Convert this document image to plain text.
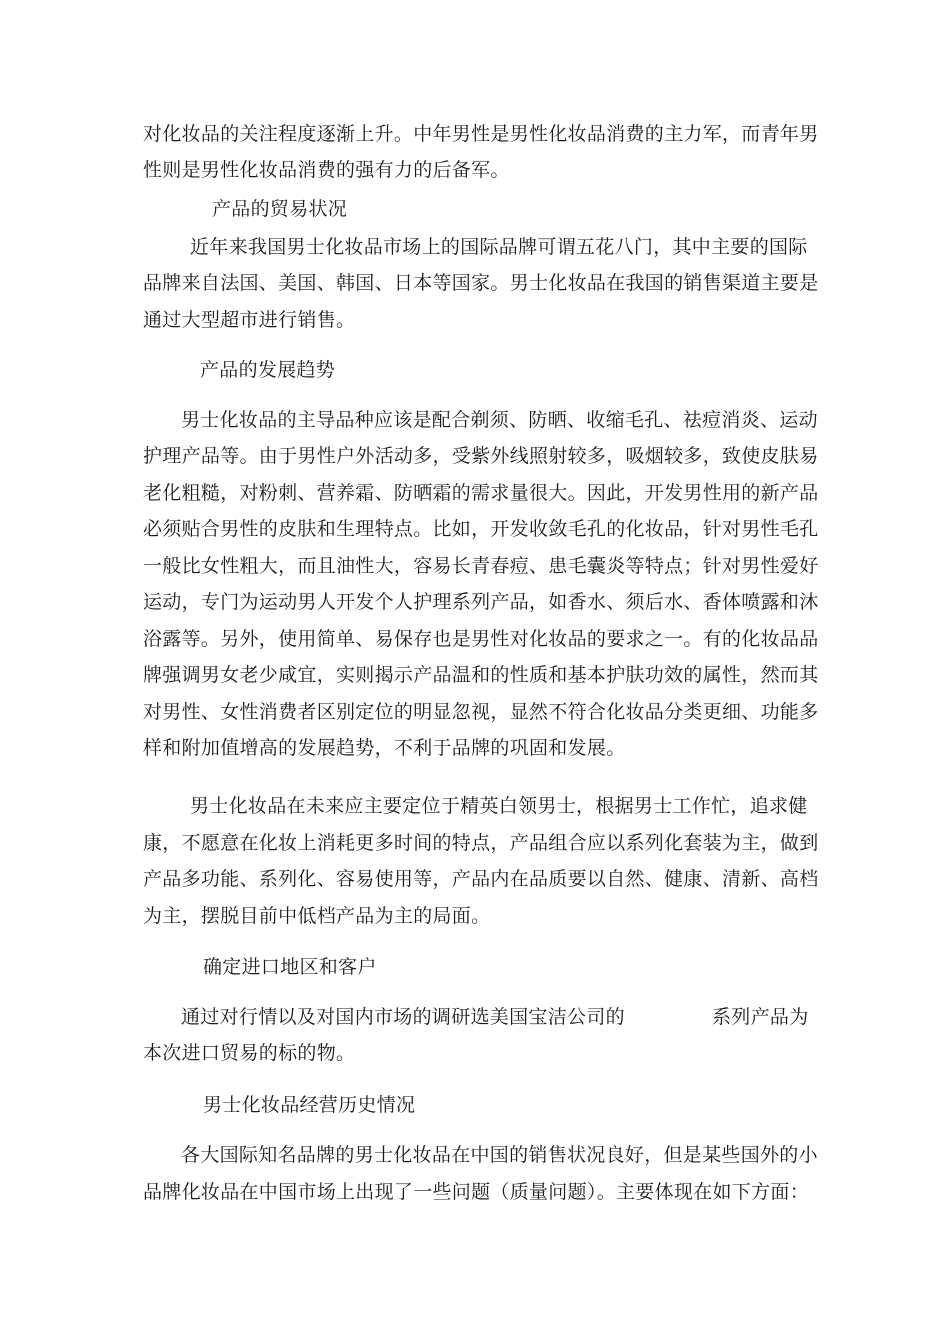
对化妆品的关注程度逐渐上升。中年男性是男性化妆品消费的主力军，而青年男
性则是男性化妆品消费的强有力的后备军。
产品的贸易状况
近年来我国男士化妆品市场上的国际品牌可谓五花八门，其中主要的国际
品牌来自法国、美国、韩国、日本等国家。男士化妆品在我国的销售渠道主要是
通过大型超市进行销售。
产品的发展趋势
男士化妆品的主导品种应该是配合剃须、防晒、收缩毛孔、祛痘消炎、运动
护理产品等。由于男性户外活动多，受紫外线照射较多，吸烟较多，致使皮肤易
老化粗糙，对粉刺、营养霜、防晒霜的需求量很大。因此，开发男性用的新产品
必须贴合男性的皮肤和生理特点。比如，开发收敛毛孔的化妆品，针对男性毛孔
一般比女性粗大，而且油性大，容易长青春痘、患毛囊炎等特点；针对男性爱好
运动，专门为运动男人开发个人护理系列产品，如香水、须后水、香体喷露和沐
浴露等。另外，使用简单、易保存也是男性对化妆品的要求之一。有的化妆品品
牌强调男女老少咸宜，实则揭示产品温和的性质和基本护肤功效的属性，然而其
对男性、女性消费者区别定位的明显忽视，显然不符合化妆品分类更细、功能多
样和附加值增高的发展趋势，不利于品牌的巩固和发展。
男士化妆品在未来应主要定位于精英白领男士，根据男士工作忙，追求健
康，不愿意在化妆上消耗更多时间的特点，产品组合应以系列化套装为主，做到
产品多功能、系列化、容易使用等，产品内在品质要以自然、健康、清新、高档
为主，摆脱目前中低档产品为主的局面。
确定进口地区和客户
通过对行情以及对国内市场的调研选美国宝洁公司的	系列产品为
本次进口贸易的标的物。
男士化妆品经营历史情况
各大国际知名品牌的男士化妆品在中国的销售状况良好，但是某些国外的小
品牌化妆品在中国市场上出现了一些问题（质量问题）。主要体现在如下方面：
